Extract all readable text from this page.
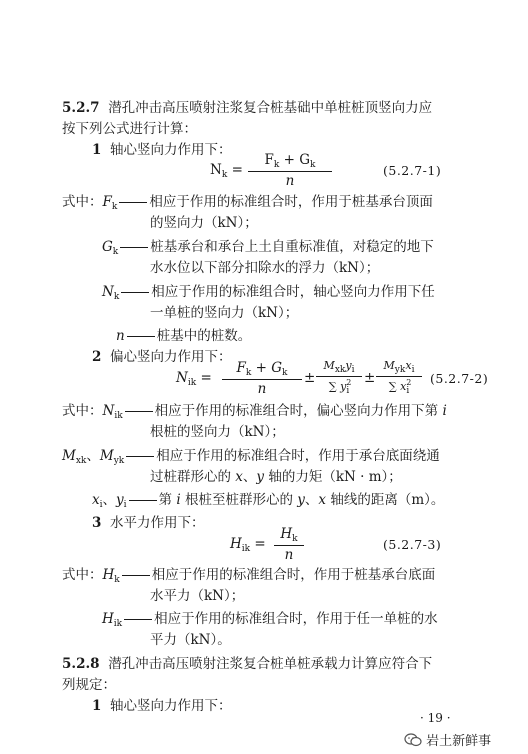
5.2.7 潜孔冲击高压喷射注浆复合桩基础中单桩桩顶竖向力应
按下列公式进行计算：
1 轴心竖向力作用下：
$N_k = \frac{F_k + G_k}{n}$	(5.2.7-1)
式中：$F_k$ 相应于作用的标准组合时，作用于桩基承台顶面
的竖向力（kN）；
$G_k$ 桩基承台和承台上土自重标准值，对稳定的地下
水水位以下部分扣除水的浮力（kN）；
$N_k$ 相应于作用的标准组合时，轴心竖向力作用下任
一单桩的竖向力（kN）；
n 桩基中的桩数。
2 偏心竖向力作用下：
$N_{ik} = \frac{F_k + G_k}{n}$ ±
$M_{xk}y_i$
∑ $y^2_i$
±
$M_{yk}x_i$
∑ $x^2_i$
(5.2.7-2)
式中：$N_{ik}$ 相应于作用的标准组合时，偏心竖向力作用下第 i
根桩的竖向力（kN）；
$M_{xk}$、$M_{yk}$ 相应于作用的标准组合时，作用于承台底面绕通
过桩群形心的 x、y 轴的力矩（kN · m）；
$x_i$、$y_i$ 第 i 根桩至桩群形心的 y、x 轴线的距离（m）。
3 水平力作用下：
$H_{ik} = \frac{H_k}{n}$	(5.2.7-3)
式中：$H_k$ 相应于作用的标准组合时，作用于桩基承台底面
水平力（kN）；
$H_{ik}$ 相应于作用的标准组合时，作用于任一单桩的水
平力（kN）。
5.2.8 潜孔冲击高压喷射注浆复合桩单桩承载力计算应符合下
列规定：
1 轴心竖向力作用下：
· 19 ·
岩土新鲜事
